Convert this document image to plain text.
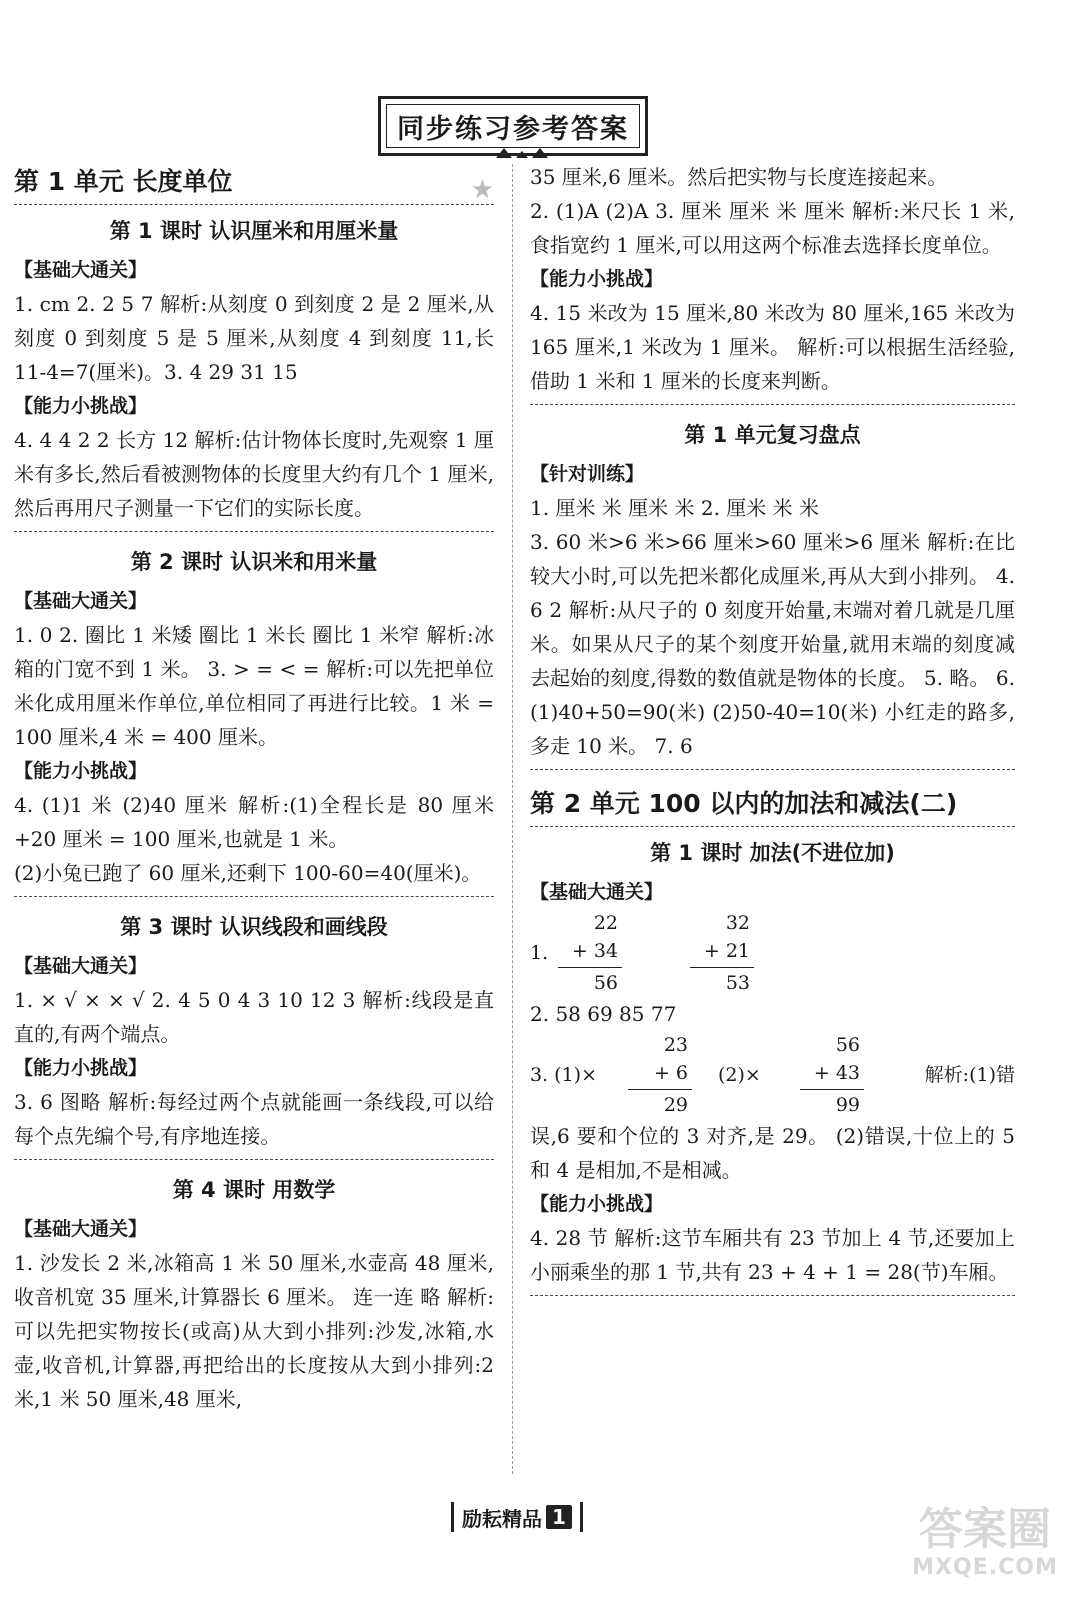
同步练习参考答案
第 1 单元 长度单位	★
第 1 课时 认识厘米和用厘米量
【基础大通关】
1. cm 2. 2 5 7 解析:从刻度 0 到刻度 2 是 2 厘米,从刻度 0 到刻度 5 是 5 厘米,从刻度 4 到刻度 11,长 11-4=7(厘米)。3. 4 29 31 15
【能力小挑战】
4. 4 4 2 2 长方 12 解析:估计物体长度时,先观察 1 厘米有多长,然后看被测物体的长度里大约有几个 1 厘米,然后再用尺子测量一下它们的实际长度。
第 2 课时 认识米和用米量
【基础大通关】
1. 0 2. 圈比 1 米矮 圈比 1 米长 圈比 1 米窄 解析:冰箱的门宽不到 1 米。 3. > = < = 解析:可以先把单位米化成用厘米作单位,单位相同了再进行比较。1 米 = 100 厘米,4 米 = 400 厘米。
【能力小挑战】
4. (1)1 米 (2)40 厘米 解析:(1)全程长是 80 厘米+20 厘米 = 100 厘米,也就是 1 米。
(2)小兔已跑了 60 厘米,还剩下 100-60=40(厘米)。
第 3 课时 认识线段和画线段
【基础大通关】
1. × √ × × √ 2. 4 5 0 4 3 10 12 3 解析:线段是直直的,有两个端点。
【能力小挑战】
3. 6 图略 解析:每经过两个点就能画一条线段,可以给每个点先编个号,有序地连接。
第 4 课时 用数学
【基础大通关】
1. 沙发长 2 米,冰箱高 1 米 50 厘米,水壶高 48 厘米,收音机宽 35 厘米,计算器长 6 厘米。 连一连 略 解析:可以先把实物按长(或高)从大到小排列:沙发,冰箱,水壶,收音机,计算器,再把给出的长度按从大到小排列:2 米,1 米 50 厘米,48 厘米,
35 厘米,6 厘米。然后把实物与长度连接起来。
2. (1)A (2)A 3. 厘米 厘米 米 厘米 解析:米尺长 1 米,食指宽约 1 厘米,可以用这两个标准去选择长度单位。
【能力小挑战】
4. 15 米改为 15 厘米,80 米改为 80 厘米,165 米改为 165 厘米,1 米改为 1 厘米。 解析:可以根据生活经验,借助 1 米和 1 厘米的长度来判断。
第 1 单元复习盘点
【针对训练】
1. 厘米 米 厘米 米 2. 厘米 米 米
3. 60 米>6 米>66 厘米>60 厘米>6 厘米 解析:在比较大小时,可以先把米都化成厘米,再从大到小排列。 4. 6 2 解析:从尺子的 0 刻度开始量,末端对着几就是几厘米。如果从尺子的某个刻度开始量,就用末端的刻度减去起始的刻度,得数的数值就是物体的长度。 5. 略。 6. (1)40+50=90(米) (2)50-40=10(米) 小红走的路多,多走 10 米。 7. 6
第 2 单元 100 以内的加法和减法(二)
第 1 课时 加法(不进位加)
【基础大通关】
1.
22
+ 34
56
32
+ 21
53
2. 58 69 85 77
3. (1)×
23
+ 6
29
(2)×
56
+ 43
99
解析:(1)错
误,6 要和个位的 3 对齐,是 29。 (2)错误,十位上的 5 和 4 是相加,不是相减。
【能力小挑战】
4. 28 节 解析:这节车厢共有 23 节加上 4 节,还要加上小丽乘坐的那 1 节,共有 23 + 4 + 1 = 28(节)车厢。
励耘精品 1	答案圈
MXQE.COM
